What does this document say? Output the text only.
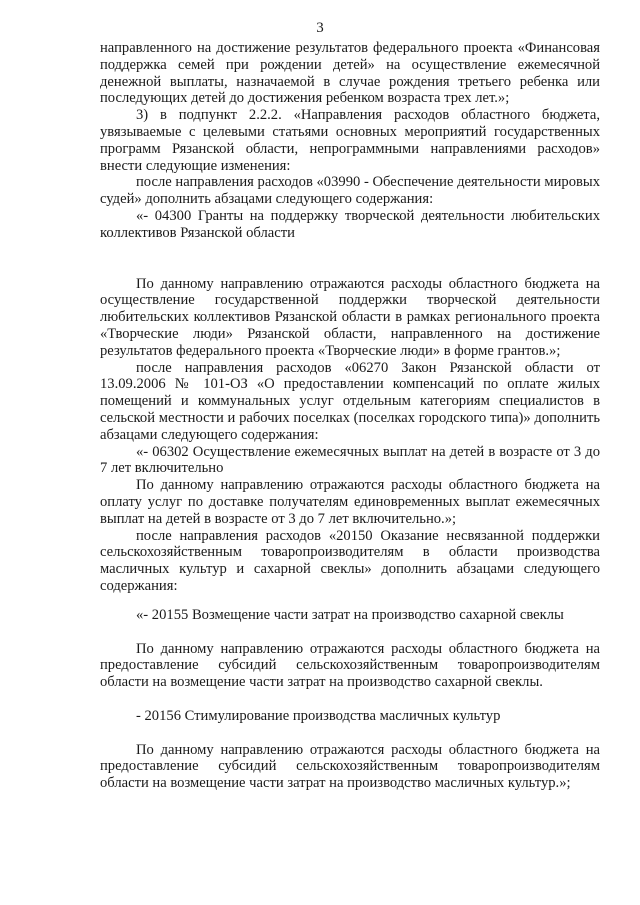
3

направленного на достижение результатов федерального проекта «Финансовая поддержка семей при рождении детей» на осуществление ежемесячной денежной выплаты, назначаемой в случае рождения третьего ребенка или последующих детей до достижения ребенком возраста трех лет.»;

3) в подпункт 2.2.2. «Направления расходов областного бюджета, увязываемые с целевыми статьями основных мероприятий государственных программ Рязанской области, непрограммными направлениями расходов» внести следующие изменения:

после направления расходов «03990 - Обеспечение деятельности мировых судей» дополнить абзацами следующего содержания:

«- 04300 Гранты на поддержку творческой деятельности любительских коллективов Рязанской области

По данному направлению отражаются расходы областного бюджета на осуществление государственной поддержки творческой деятельности любительских коллективов Рязанской области в рамках регионального проекта «Творческие люди» Рязанской области, направленного на достижение результатов федерального проекта «Творческие люди» в форме грантов.»;

после направления расходов «06270 Закон Рязанской области от 13.09.2006 № 101-ОЗ «О предоставлении компенсаций по оплате жилых помещений и коммунальных услуг отдельным категориям специалистов в сельской местности и рабочих поселках (поселках городского типа)» дополнить абзацами следующего содержания:

«- 06302 Осуществление ежемесячных выплат на детей в возрасте от 3 до 7 лет включительно

По данному направлению отражаются расходы областного бюджета на оплату услуг по доставке получателям единовременных выплат ежемесячных выплат на детей в возрасте от 3 до 7 лет включительно.»;

после направления расходов «20150 Оказание несвязанной поддержки сельскохозяйственным товаропроизводителям в области производства масличных культур и сахарной свеклы» дополнить абзацами следующего содержания:

«- 20155 Возмещение части затрат на производство сахарной свеклы

По данному направлению отражаются расходы областного бюджета на предоставление субсидий сельскохозяйственным товаропроизводителям области на возмещение части затрат на производство сахарной свеклы.

- 20156 Стимулирование производства масличных культур

По данному направлению отражаются расходы областного бюджета на предоставление субсидий сельскохозяйственным товаропроизводителям области на возмещение части затрат на производство масличных культур.»;
